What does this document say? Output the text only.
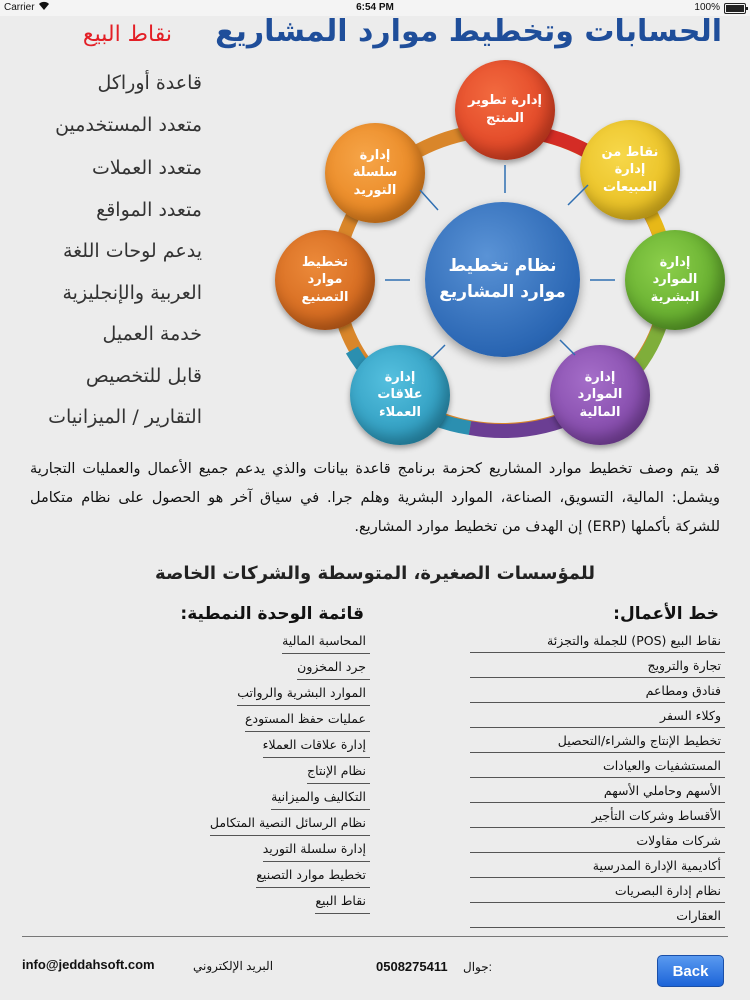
Carrier	6:54 PM	100%
الحسابات وتخطيط موارد المشاريع
نقاط البيع
قاعدة أوراكل
متعدد المستخدمين
متعدد العملات
متعدد المواقع
يدعم لوحات اللغة
العربية والإنجليزية
خدمة العميل
قابل للتخصيص
التقارير / الميزانيات
إدارة تطوير المنتج
نقاط من إدارة المبيعات
إدارة الموارد البشرية
إدارة الموارد المالية
إدارة علاقات العملاء
تخطيط موارد التصنيع
إدارة سلسلة التوريد
نظام تخطيط موارد المشاريع
قد يتم وصف تخطيط موارد المشاريع كحزمة برنامج قاعدة بيانات والذي يدعم جميع الأعمال والعمليات التجارية ويشمل: المالية، التسويق، الصناعة، الموارد البشرية وهلم جرا. في سياق آخر هو الحصول على نظام متكامل للشركة بأكملها (ERP) إن الهدف من تخطيط موارد المشاريع.
للمؤسسات الصغيرة، المتوسطة والشركات الخاصة
خط الأعمال:
نقاط البيع (POS) للجملة والتجزئة
تجارة والترويج
فنادق ومطاعم
وكلاء السفر
تخطيط الإنتاج والشراء/التحصيل
المستشفيات والعيادات
الأسهم وحاملي الأسهم
الأقساط وشركات التأجير
شركات مقاولات
أكاديمية الإدارة المدرسية
نظام إدارة البصريات
العقارات
قائمة الوحدة النمطية:
المحاسبة المالية
جرد المخزون
الموارد البشرية والرواتب
عمليات حفظ المستودع
إدارة علاقات العملاء
نظام الإنتاج
التكاليف والميزانية
نظام الرسائل النصية المتكامل
إدارة سلسلة التوريد
تخطيط موارد التصنيع
نقاط البيع
info@jeddahsoft.com	البريد الإلكتروني	0508275411 جوال:	Back
